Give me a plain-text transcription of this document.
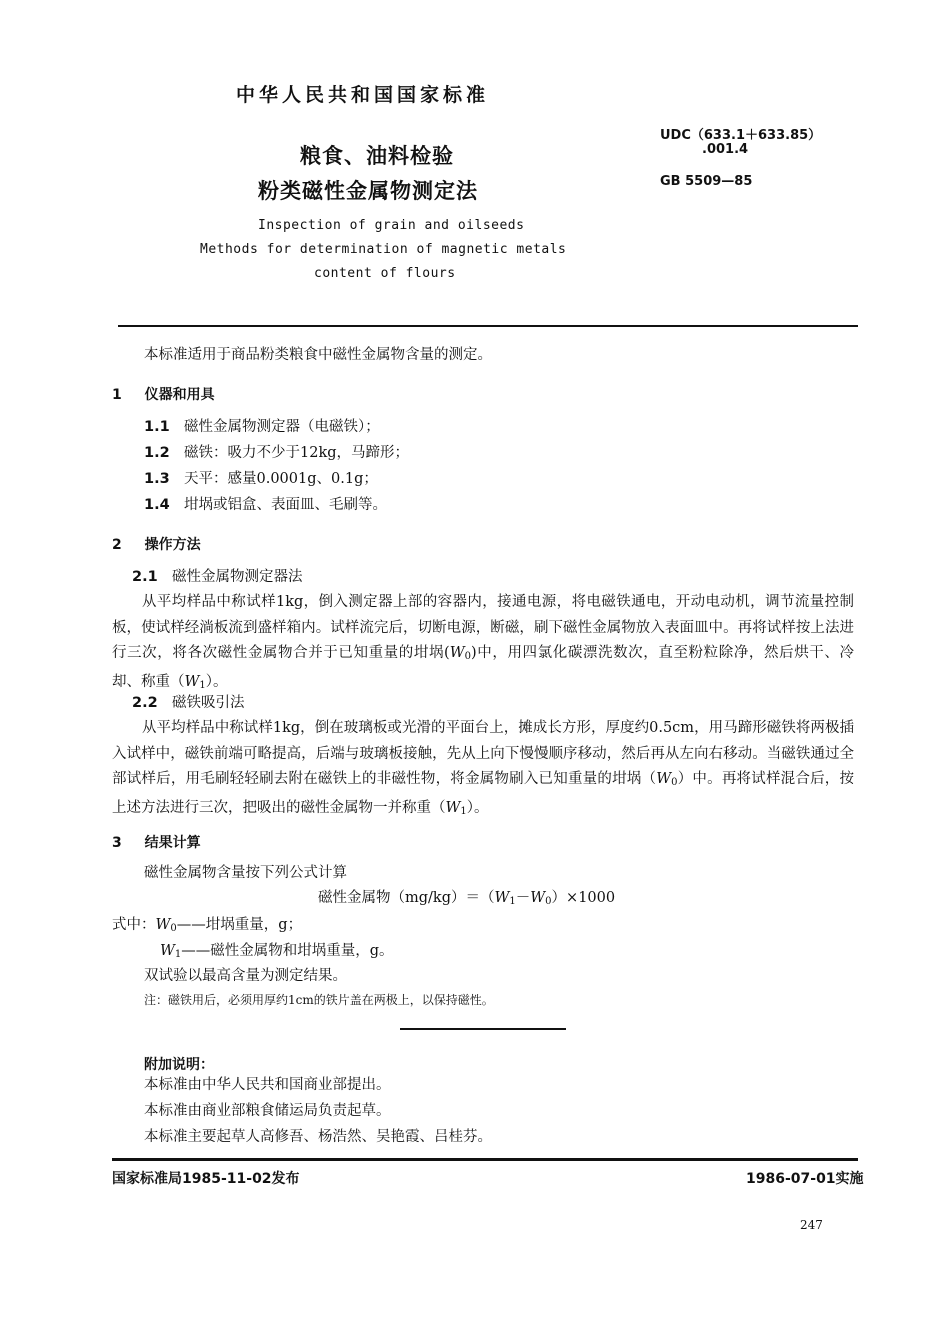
中华人民共和国国家标准
粮食、油料检验
粉类磁性金属物测定法
Inspection of grain and oilseeds
Methods for determination of magnetic metals
content of flours
UDC（633.1＋633.85）
.001.4
GB 5509—85
本标准适用于商品粉类粮食中磁性金属物含量的测定。
1 仪器和用具
1.1 磁性金属物测定器（电磁铁）；
1.2 磁铁：吸力不少于12kg，马蹄形；
1.3 天平：感量0.0001g、0.1g；
1.4 坩埚或铝盒、表面皿、毛刷等。
2 操作方法
2.1 磁性金属物测定器法

从平均样品中称试样1kg，倒入测定器上部的容器内，接通电源，将电磁铁通电，开动电动机，调节流量控制板，使试样经淌板流到盛样箱内。试样流完后，切断电源，断磁，刷下磁性金属物放入表面皿中。再将试样按上法进行三次，将各次磁性金属物合并于已知重量的坩埚$(W_0)$中，用四氯化碳漂洗数次，直至粉粒除净，然后烘干、冷却、称重$(W_1)$。

2.2 磁铁吸引法

从平均样品中称试样1kg，倒在玻璃板或光滑的平面台上，摊成长方形，厚度约0.5cm，用马蹄形磁铁将两极插入试样中，磁铁前端可略提高，后端与玻璃板接触，先从上向下慢慢顺序移动，然后再从左向右移动。当磁铁通过全部试样后，用毛刷轻轻刷去附在磁铁上的非磁性物，将金属物刷入已知重量的坩埚$(W_0)$中。再将试样混合后，按上述方法进行三次，把吸出的磁性金属物一并称重$(W_1)$。

3 结果计算
磁性金属物含量按下列公式计算
磁性金属物$(mg/kg)=(W_1-W_0)\times 1000$
式中：$W_0——$坩埚重量，g；
$W_1——$磁性金属物和坩埚重量，g。
双试验以最高含量为测定结果。
注：磁铁用后，必须用厚约1cm的铁片盖在两极上，以保持磁性。
附加说明：
本标准由中华人民共和国商业部提出。
本标准由商业部粮食储运局负责起草。
本标准主要起草人高修吾、杨浩然、吴艳霞、吕桂芬。
国家标准局1985-11-02发布	1986-07-01实施
247
